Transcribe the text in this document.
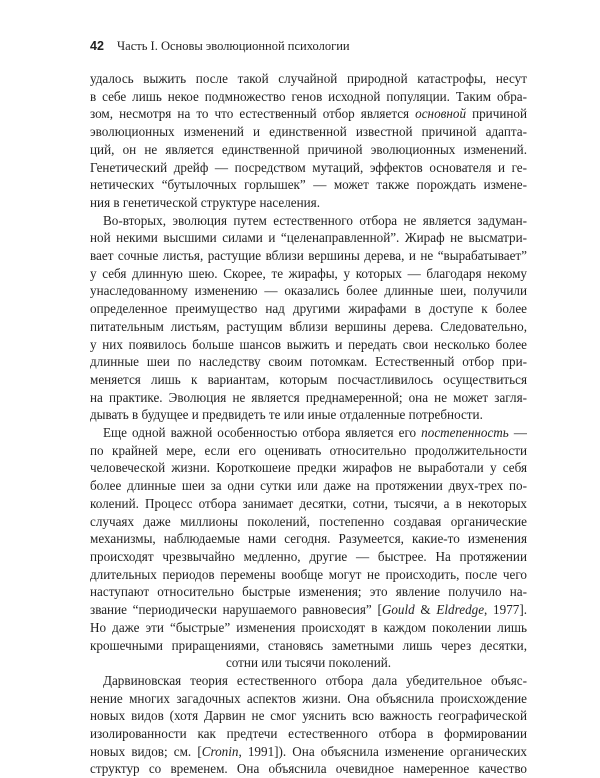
42 Часть I. Основы эволюционной психологии
удалось выжить после такой случайной природной катастрофы, несут
в себе лишь некое подмножество генов исходной популяции. Таким обра-
зом, несмотря на то что естественный отбор является основной причиной
эволюционных изменений и единственной известной причиной адапта-
ций, он не является единственной причиной эволюционных изменений.
Генетический дрейф — посредством мутаций, эффектов основателя и ге-
нетических “бутылочных горлышек” — может также порождать измене-
ния в генетической структуре населения.
Во-вторых, эволюция путем естественного отбора не является задуман-
ной некими высшими силами и “целенаправленной”. Жираф не высматри-
вает сочные листья, растущие вблизи вершины дерева, и не “вырабатывает”
у себя длинную шею. Скорее, те жирафы, у которых — благодаря некому
унаследованному изменению — оказались более длинные шеи, получили
определенное преимущество над другими жирафами в доступе к более
питательным листьям, растущим вблизи вершины дерева. Следовательно,
у них появилось больше шансов выжить и передать свои несколько более
длинные шеи по наследству своим потомкам. Естественный отбор при-
меняется лишь к вариантам, которым посчастливилось осуществиться
на практике. Эволюция не является преднамеренной; она не может загля-
дывать в будущее и предвидеть те или иные отдаленные потребности.
Еще одной важной особенностью отбора является его постепенность —
по крайней мере, если его оценивать относительно продолжительности
человеческой жизни. Короткошеие предки жирафов не выработали у себя
более длинные шеи за одни сутки или даже на протяжении двух-трех по-
колений. Процесс отбора занимает десятки, сотни, тысячи, а в некоторых
случаях даже миллионы поколений, постепенно создавая органические
механизмы, наблюдаемые нами сегодня. Разумеется, какие-то изменения
происходят чрезвычайно медленно, другие — быстрее. На протяжении
длительных периодов перемены вообще могут не происходить, после чего
наступают относительно быстрые изменения; это явление получило на-
звание “периодически нарушаемого равновесия” [Gould & Eldredge, 1977].
Но даже эти “быстрые” изменения происходят в каждом поколении лишь
крошечными приращениями, становясь заметными лишь через десятки,
сотни или тысячи поколений.
Дарвиновская теория естественного отбора дала убедительное объяс-
нение многих загадочных аспектов жизни. Она объяснила происхождение
новых видов (хотя Дарвин не смог уяснить всю важность географической
изолированности как предтечи естественного отбора в формировании
новых видов; см. [Cronin, 1991]). Она объяснила изменение органических
структур со временем. Она объяснила очевидное намеренное качество
